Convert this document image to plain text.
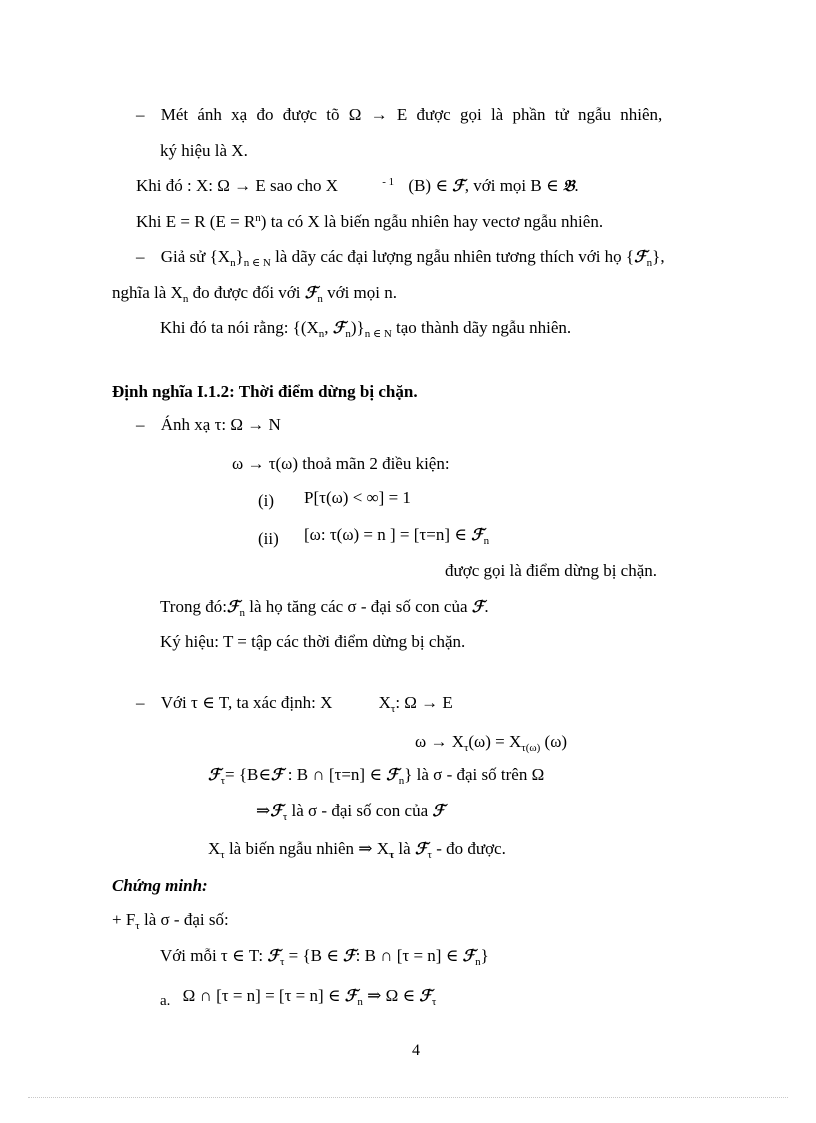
– Mét ánh xạ đo được tõ Ω → E được gọi là phần tử ngẫu nhiên,
ký hiệu là X.
Khi đó : X: Ω → E sao cho X	$^{- 1}$ (B) ∈ ℱ, với mọi B ∈ 𝔅.
Khi E = R $(E = R^n)$ ta có X là biến ngẫu nhiên hay vectơ ngẫu nhiên.
– Giả sử $\{X_n\}_{n \in N}$ là dãy các đại lượng ngẫu nhiên tương thích với họ {ℱ$_n$},
nghĩa là $X_n$ đo được đối với ℱ$_n$ với mọi n.
Khi đó ta nói rằng: {($X_n$, $ℱ_n)\}_{n \in N}$ tạo thành dãy ngẫu nhiên.
Định nghĩa I.1.2: Thời điểm dừng bị chặn.
– Ánh xạ τ: Ω → N
ω → τ(ω) thoả mãn 2 điều kiện:
(i) P[τ(ω) < ∞] = 1
(ii) [ω: τ(ω) = n ] = [τ=n] ∈ ℱ$_n$
được gọi là điểm dừng bị chặn.
Trong đó:ℱ$_n$ là họ tăng các σ - đại số con của ℱ.
Ký hiệu: T = tập các thời điểm dừng bị chặn.
– Với τ ∈ T, ta xác định: X	$X_\tau$: Ω → E
$\omega \to X_\tau(\omega) = X_{\tau(\omega)}$ (ω)
ℱ$_\tau$= {B∈ℱ : B ∩ [τ=n] ∈ ℱ$_n$} là σ - đại số trên Ω
⇒ℱ$_\tau$ là σ - đại số con của ℱ
$X_\tau$ là biến ngẫu nhiên ⇒ $X_\tau$ là ℱ$_\tau$ - đo được.
Chứng minh:
+ $F_\tau$ là σ - đại số:
Với mỗi τ ∈ T: ℱ$_\tau$ = {B ∈ ℱ: B ∩ [τ = n] ∈ ℱ$_n$}
a. Ω ∩ [τ = n] = [τ = n] ∈ ℱ$_n$ ⇒ Ω ∈ ℱ$_\tau$
4
